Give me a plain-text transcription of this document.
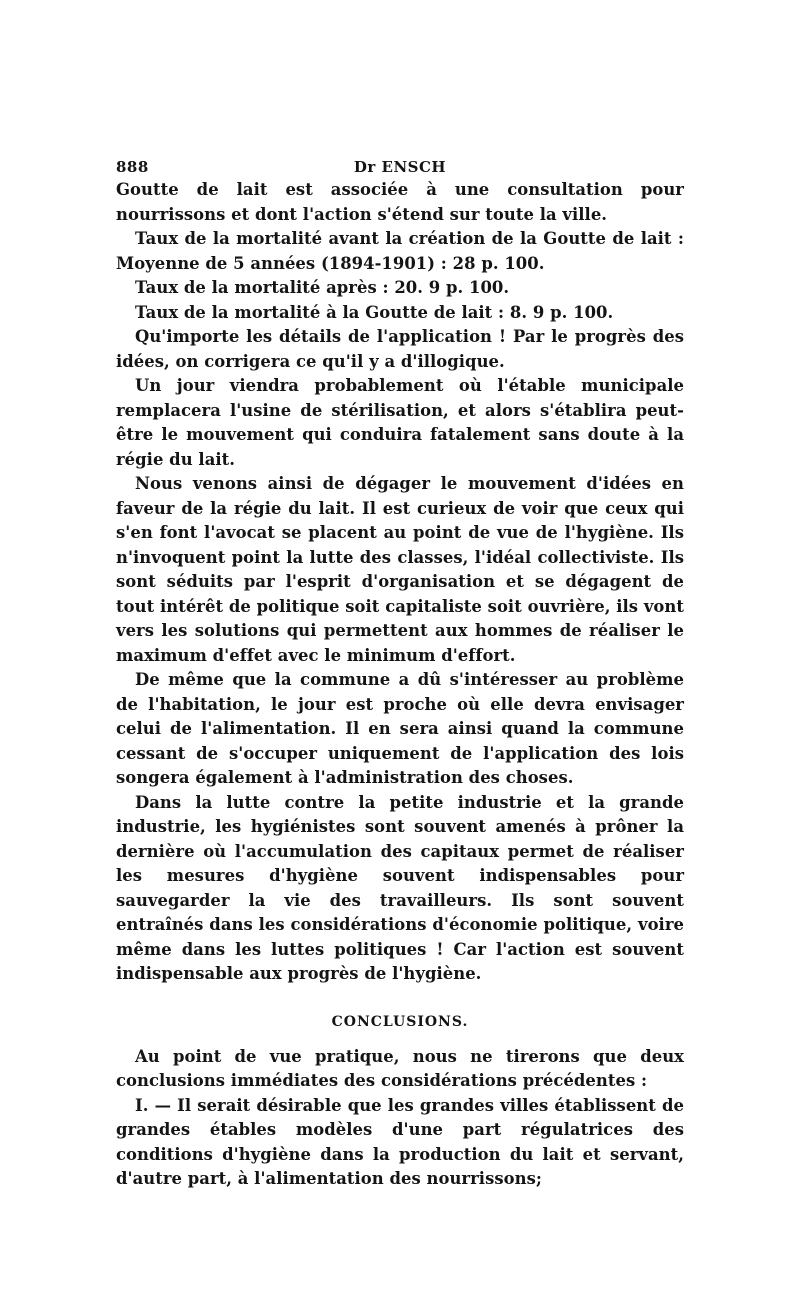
888	Dr ENSCH

Goutte de lait est associée à une consultation pour nourrissons et dont l'action s'étend sur toute la ville.

Taux de la mortalité avant la création de la Goutte de lait : Moyenne de 5 années (1894-1901) : 28 p. 100.

Taux de la mortalité après : 20. 9 p. 100.

Taux de la mortalité à la Goutte de lait : 8. 9 p. 100.

Qu'importe les détails de l'application ! Par le progrès des idées, on corrigera ce qu'il y a d'illogique.

Un jour viendra probablement où l'étable municipale remplacera l'usine de stérilisation, et alors s'établira peut-être le mouvement qui conduira fatalement sans doute à la régie du lait.

Nous venons ainsi de dégager le mouvement d'idées en faveur de la régie du lait. Il est curieux de voir que ceux qui s'en font l'avocat se placent au point de vue de l'hygiène. Ils n'invoquent point la lutte des classes, l'idéal collectiviste. Ils sont séduits par l'esprit d'organisation et se dégagent de tout intérêt de politique soit capitaliste soit ouvrière, ils vont vers les solutions qui permettent aux hommes de réaliser le maximum d'effet avec le minimum d'effort.

De même que la commune a dû s'intéresser au problème de l'habitation, le jour est proche où elle devra envisager celui de l'alimentation. Il en sera ainsi quand la commune cessant de s'occuper uniquement de l'application des lois songera également à l'administration des choses.

Dans la lutte contre la petite industrie et la grande industrie, les hygiénistes sont souvent amenés à prôner la dernière où l'accumulation des capitaux permet de réaliser les mesures d'hygiène souvent indispensables pour sauvegarder la vie des travailleurs. Ils sont souvent entraînés dans les considérations d'économie politique, voire même dans les luttes politiques ! Car l'action est souvent indispensable aux progrès de l'hygiène.

CONCLUSIONS.

Au point de vue pratique, nous ne tirerons que deux conclusions immédiates des considérations précédentes :

I. — Il serait désirable que les grandes villes établissent de grandes étables modèles d'une part régulatrices des conditions d'hygiène dans la production du lait et servant, d'autre part, à l'alimentation des nourrissons;
